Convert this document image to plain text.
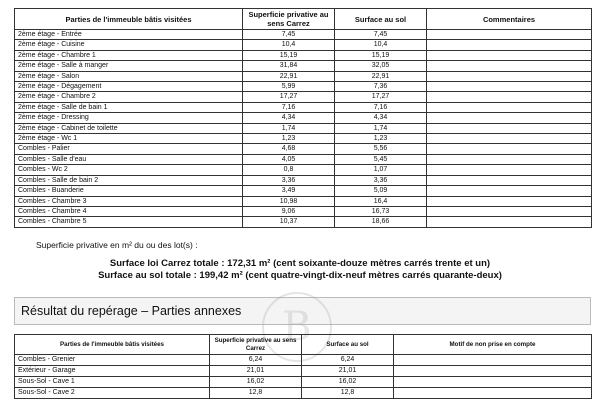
Parties de l'immeuble bâtis visitées	Superficie privative au sens Carrez	Surface au sol	Commentaires
2ème étage - Entrée	7,45	7,45	
2ème étage - Cuisine	10,4	10,4	
2ème étage - Chambre 1	15,19	15,19	
2ème étage - Salle à manger	31,84	32,05	
2ème étage - Salon	22,91	22,91	
2ème étage - Dégagement	5,99	7,36	
2ème étage - Chambre 2	17,27	17,27	
2ème étage - Salle de bain 1	7,16	7,16	
2ème étage - Dressing	4,34	4,34	
2ème étage - Cabinet de toilette	1,74	1,74	
2ème étage - Wc 1	1,23	1,23	
Combles - Palier	4,68	5,56	
Combles - Salle d'eau	4,05	5,45	
Combles - Wc 2	0,8	1,07	
Combles - Salle de bain 2	3,36	3,36	
Combles - Buanderie	3,49	5,09	
Combles - Chambre 3	10,98	16,4	
Combles - Chambre 4	9,06	16,73	
Combles - Chambre 5	10,37	18,66	
Superficie privative en m² du ou des lot(s) :
Surface loi Carrez totale : 172,31 m² (cent soixante-douze mètres carrés trente et un)
Surface au sol totale : 199,42 m² (cent quatre-vingt-dix-neuf mètres carrés quarante-deux)
Résultat du repérage – Parties annexes	B
Parties de l'immeuble bâtis visitées	Superficie privative au sens Carrez	Surface au sol	Motif de non prise en compte
Combles - Grenier	6,24	6,24	
Extérieur - Garage	21,01	21,01	
Sous-Sol - Cave 1	16,02	16,02	
Sous-Sol - Cave 2	12,8	12,8	
